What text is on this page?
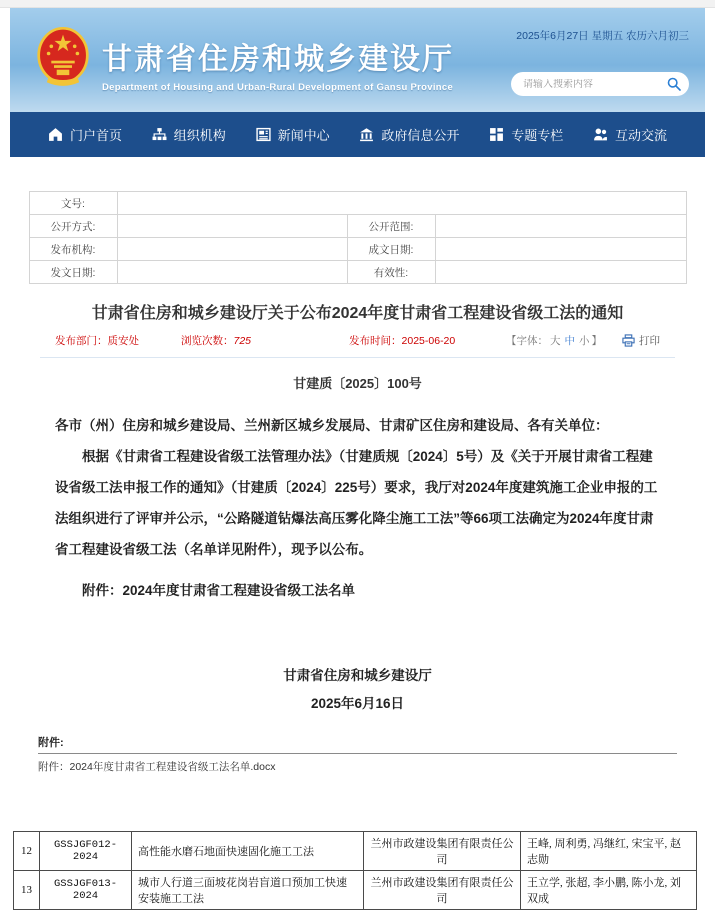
甘肃省住房和城乡建设厅
Department of Housing and Urban-Rural Development of Gansu Province
2025年6月27日 星期五 农历六月初三
请输入搜索内容
门户首页	组织机构	新闻中心	政府信息公开	专题专栏	互动交流
文号:			
公开方式:		公开范围:	
发布机构:		成文日期:	
发文日期:		有效性:	
甘肃省住房和城乡建设厅关于公布2024年度甘肃省工程建设省级工法的通知
发布部门：质安处	浏览次数：725	发布时间：2025-06-20	【字体： 大 中 小 】	打印
甘建质〔2025〕100号

各市（州）住房和城乡建设局、兰州新区城乡发展局、甘肃矿区住房和建设局、各有关单位：

根据《甘肃省工程建设省级工法管理办法》（甘建质规〔2024〕5号）及《关于开展甘肃省工程建设省级工法申报工作的通知》（甘建质〔2024〕225号）要求，我厅对2024年度建筑施工企业申报的工法组织进行了评审并公示，“公路隧道钻爆法高压雾化降尘施工工法”等66项工法确定为2024年度甘肃省工程建设省级工法（名单详见附件），现予以公布。

附件：2024年度甘肃省工程建设省级工法名单

甘肃省住房和城乡建设厅
2025年6月16日
附件:
附件：2024年度甘肃省工程建设省级工法名单.docx
12	GSSJGF012-2024	高性能水磨石地面快速固化施工工法	兰州市政建设集团有限责任公司	王峰, 周利勇, 冯继红, 宋宝平, 赵志勋
13	GSSJGF013-2024	城市人行道三面坡花岗岩盲道口预加工快速安装施工工法	兰州市政建设集团有限责任公司	王立学, 张超, 李小鹏, 陈小龙, 刘双成
